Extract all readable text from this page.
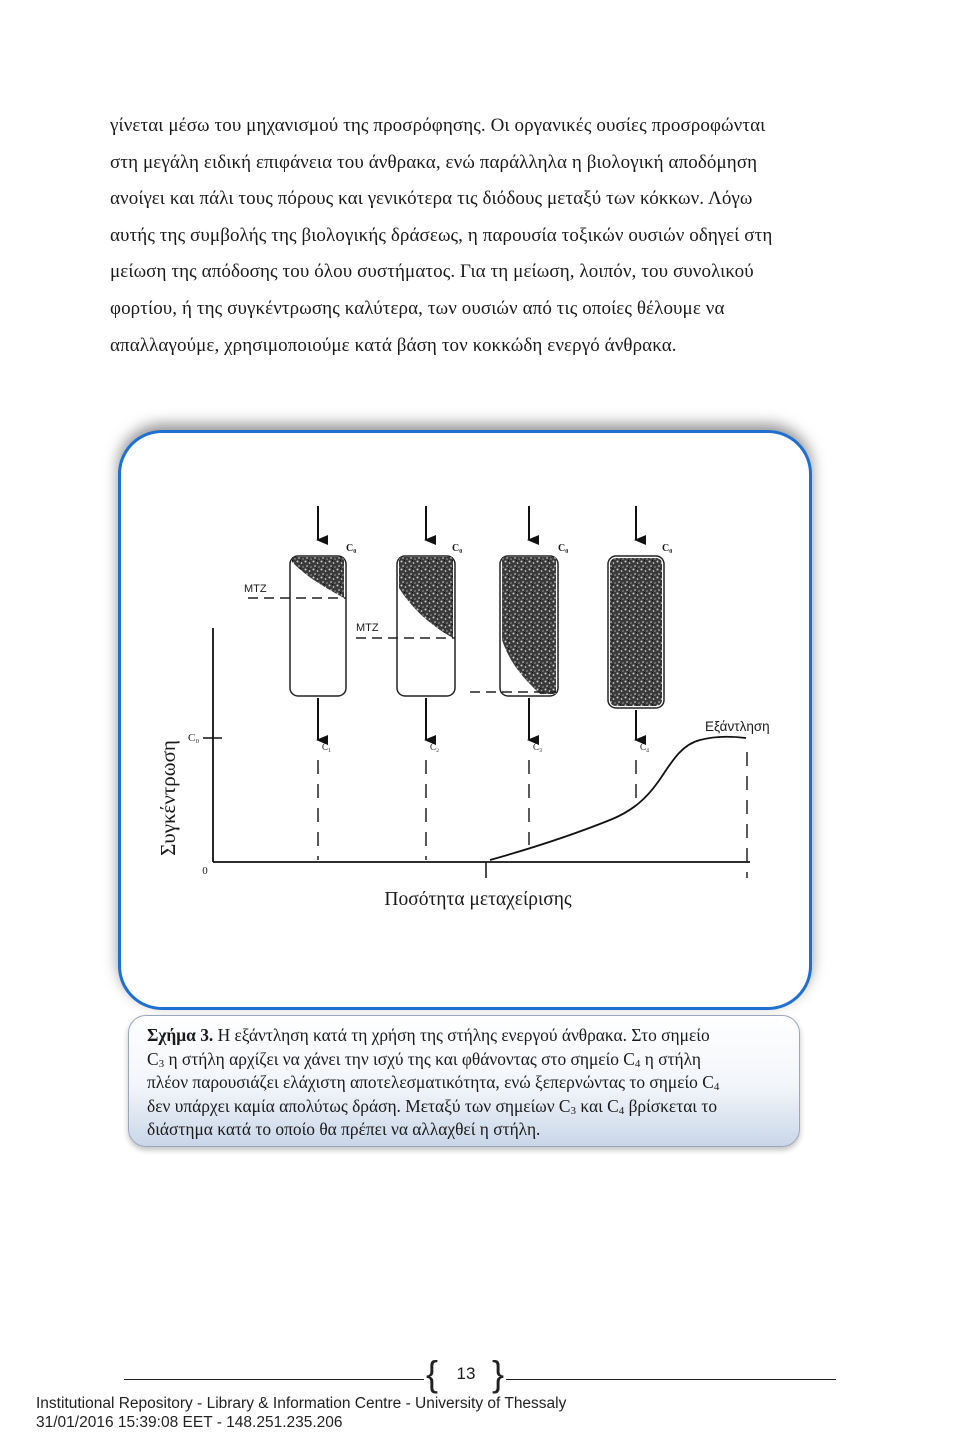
γίνεται μέσω του μηχανισμού της προσρόφησης. Οι οργανικές ουσίες προσροφώνται
στη μεγάλη ειδική επιφάνεια του άνθρακα, ενώ παράλληλα η βιολογική αποδόμηση
ανοίγει και πάλι τους πόρους και γενικότερα τις διόδους μεταξύ των κόκκων. Λόγω
αυτής της συμβολής της βιολογικής δράσεως, η παρουσία τοξικών ουσιών οδηγεί στη
μείωση της απόδοσης του όλου συστήματος. Για τη μείωση, λοιπόν, του συνολικού
φορτίου, ή της συγκέντρωσης καλύτερα, των ουσιών από τις οποίες θέλουμε να
απαλλαγούμε, χρησιμοποιούμε κατά βάση τον κοκκώδη ενεργό άνθρακα.
Συγκέντρωση
Ποσότητα μεταχείρισης
0
C₀
C₀	C₀	C₀	C₀
C₁	C₂	C₃	C₄
MTZ
MTZ
Εξάντληση
Σχήμα 3. Η εξάντληση κατά τη χρήση της στήλης ενεργού άνθρακα. Στο σημείο
$C_3$ η στήλη αρχίζει να χάνει την ισχύ της και φθάνοντας στο σημείο $C_4$ η στήλη
πλέον παρουσιάζει ελάχιστη αποτελεσματικότητα, ενώ ξεπερνώντας το σημείο $C_4$
δεν υπάρχει καμία απολύτως δράση. Μεταξύ των σημείων $C_3$ και $C_4$ βρίσκεται το
διάστημα κατά το οποίο θα πρέπει να αλλαχθεί η στήλη.
{	13 }
Institutional Repository - Library & Information Centre - University of Thessaly
31/01/2016 15:39:08 EET - 148.251.235.206
